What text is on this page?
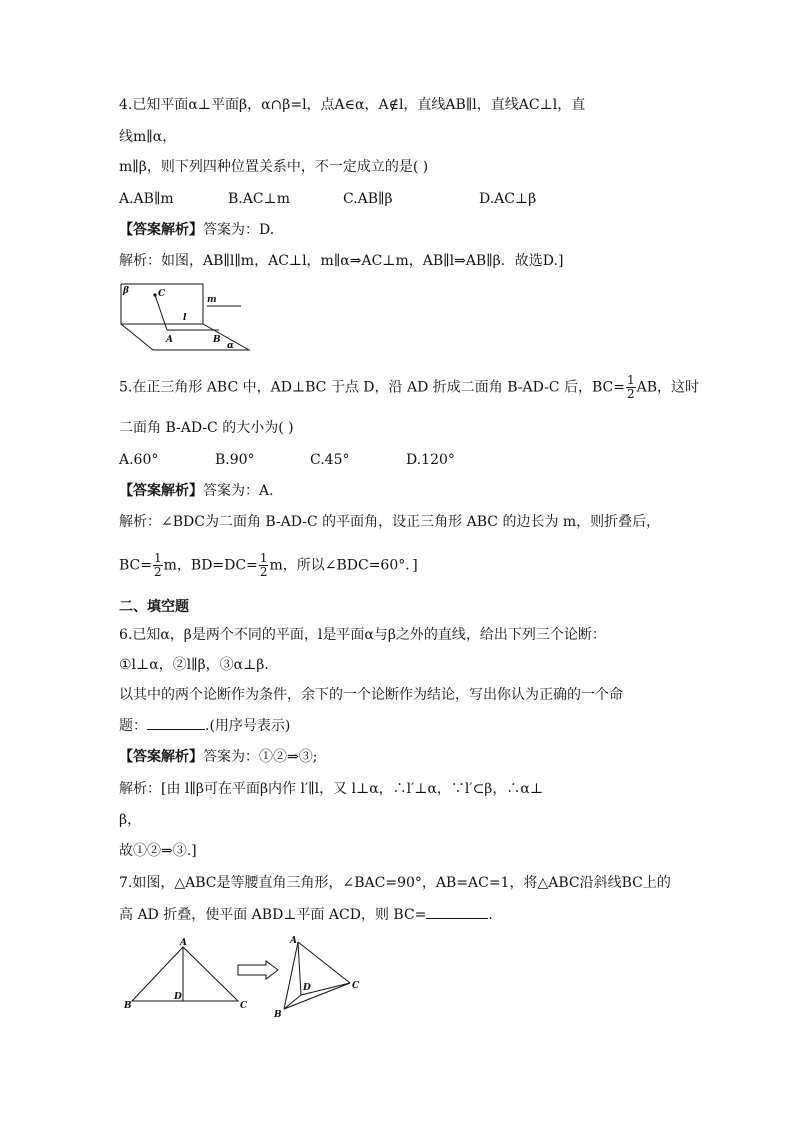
4.已知平面α⊥平面β，α∩β=l，点A∈α，A∉l，直线AB∥l，直线AC⊥l，直
线m∥α，
m∥β，则下列四种位置关系中，不一定成立的是( )
A.AB∥m	B.AC⊥m	C.AB∥β	D.AC⊥β
【答案解析】答案为：D.
解析：如图，AB∥l∥m，AC⊥l，m∥α⇒AC⊥m，AB∥l⇒AB∥β．故选D.]
β	C
m
l
A	B
α
5.在正三角形 ABC 中，AD⊥BC 于点 D，沿 AD 折成二面角 B-AD-C 后，$BC= \frac{1}{2}$ AB，这时
二面角 B-AD-C 的大小为( )
A.60°	B.90°	C.45°	D.120°
【答案解析】答案为：A.
解析：∠BDC为二面角 B-AD-C 的平面角，设正三角形 ABC 的边长为 m，则折叠后，
$BC= \frac{1}{2}$ m，$BD=DC= \frac{1}{2}$ m，所以∠BDC=60°．]
二、填空题
6.已知α，β是两个不同的平面，l是平面α与β之外的直线，给出下列三个论断：
①l⊥α，②l∥β，③α⊥β.
以其中的两个论断作为条件，余下的一个论断作为结论，写出你认为正确的一个命
题：	.(用序号表示)
【答案解析】答案为：①②⇒③;
解析：[由 l∥β可在平面β内作 l′∥l，又 l⊥α，∴l′⊥α，∵l′⊂β，∴α⊥
β，
故①②⇒③.]
7.如图，△ABC是等腰直角三角形，∠BAC=90°，AB=AC=1，将△ABC沿斜线BC上的
高 AD 折叠，使平面 ABD⊥平面 ACD，则 BC=	.
A
B
D
C
A
D	C
B
